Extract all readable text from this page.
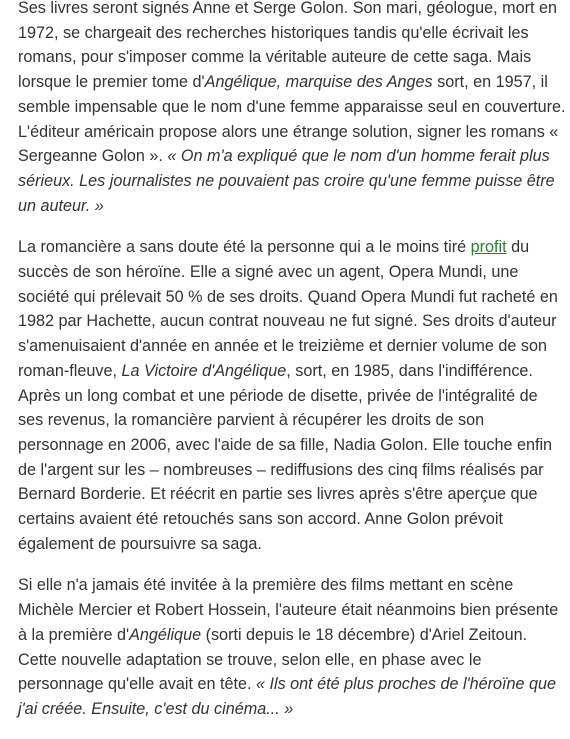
Ses livres seront signés Anne et Serge Golon. Son mari, géologue, mort en 1972, se chargeait des recherches historiques tandis qu'elle écrivait les romans, pour s'imposer comme la véritable auteure de cette saga. Mais lorsque le premier tome d'Angélique, marquise des Anges sort, en 1957, il semble impensable que le nom d'une femme apparaisse seul en couverture. L'éditeur américain propose alors une étrange solution, signer les romans « Sergeanne Golon ». « On m'a expliqué que le nom d'un homme ferait plus sérieux. Les journalistes ne pouvaient pas croire qu'une femme puisse être un auteur. »

La romancière a sans doute été la personne qui a le moins tiré profit du succès de son héroïne. Elle a signé avec un agent, Opera Mundi, une société qui prélevait 50 % de ses droits. Quand Opera Mundi fut racheté en 1982 par Hachette, aucun contrat nouveau ne fut signé. Ses droits d'auteur s'amenuisaient d'année en année et le treizième et dernier volume de son roman-fleuve, La Victoire d'Angélique, sort, en 1985, dans l'indifférence. Après un long combat et une période de disette, privée de l'intégralité de ses revenus, la romancière parvient à récupérer les droits de son personnage en 2006, avec l'aide de sa fille, Nadia Golon. Elle touche enfin de l'argent sur les – nombreuses – rediffusions des cinq films réalisés par Bernard Borderie. Et réécrit en partie ses livres après s'être aperçue que certains avaient été retouchés sans son accord. Anne Golon prévoit également de poursuivre sa saga.

Si elle n'a jamais été invitée à la première des films mettant en scène Michèle Mercier et Robert Hossein, l'auteure était néanmoins bien présente à la première d'Angélique (sorti depuis le 18 décembre) d'Ariel Zeitoun. Cette nouvelle adaptation se trouve, selon elle, en phase avec le personnage qu'elle avait en tête. « Ils ont été plus proches de l'héroïne que j'ai créée. Ensuite, c'est du cinéma... »
